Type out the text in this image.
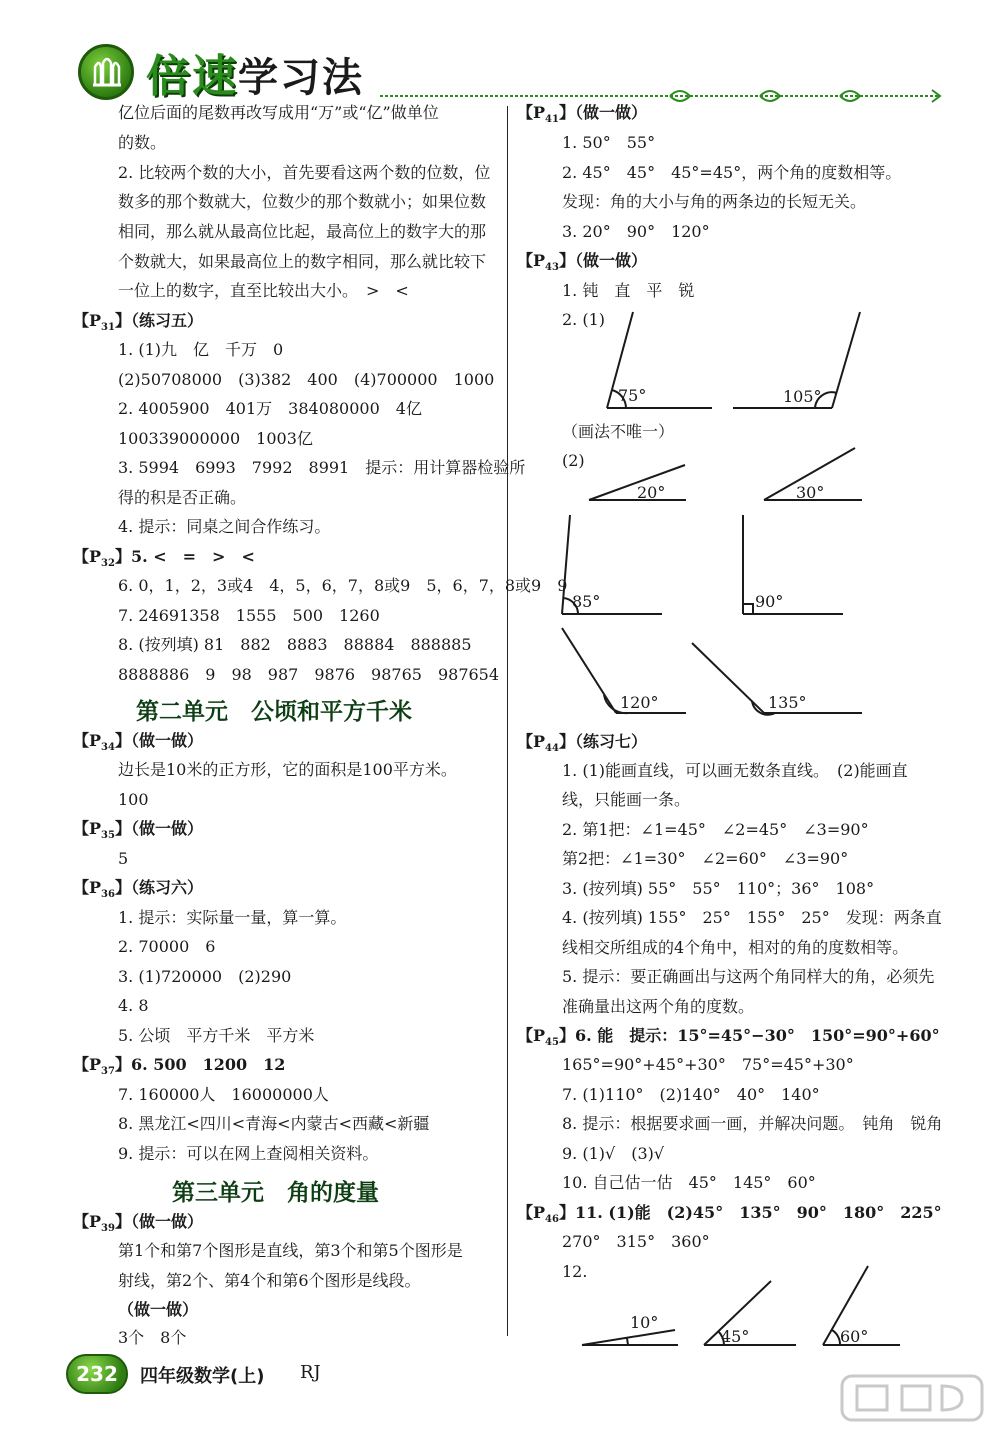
倍速学习法
亿位后面的尾数再改写成用“万”或“亿”做单位
的数。
2. 比较两个数的大小，首先要看这两个数的位数，位
数多的那个数就大，位数少的那个数就小；如果位数
相同，那么就从最高位比起，最高位上的数字大的那
个数就大，如果最高位上的数字相同，那么就比较下
一位上的数字，直至比较出大小。　>　<
【$P_{31}$】（练习五）
1. (1)九　亿　千万　0
(2)50708000　(3)382　400　(4)700000　1000
2. 4005900　401万　384080000　4亿
100339000000　1003亿
3. 5994　6993　7992　8991　提示：用计算器检验所
得的积是否正确。
4. 提示：同桌之间合作练习。
【$P_{32}$】5. <　=　>　<
6. 0，1，2，3或4　4，5，6，7，8或9　5，6，7，8或9　9
7. 24691358　1555　500　1260
8. (按列填) 81　882　8883　88884　888885
8888886　9　98　987　9876　98765　987654
第二单元　公顷和平方千米
【$P_{34}$】（做一做）
边长是10米的正方形，它的面积是100平方米。
100
【$P_{35}$】（做一做）
5
【$P_{36}$】（练习六）
1. 提示：实际量一量，算一算。
2. 70000　6
3. (1)720000　(2)290
4. 8
5. 公顷　平方千米　平方米
【$P_{37}$】6. 500　1200　12
7. 160000人　16000000人
8. 黑龙江<四川<青海<内蒙古<西藏<新疆
9. 提示：可以在网上查阅相关资料。
第三单元　角的度量
【$P_{39}$】（做一做）
第1个和第7个图形是直线，第3个和第5个图形是
射线，第2个、第4个和第6个图形是线段。
（做一做）
3个　8个
【$P_{41}$】（做一做）
1. 50°　55°
2. 45°　45°　45°=45°，两个角的度数相等。
发现：角的大小与角的两条边的长短无关。
3. 20°　90°　120°
【$P_{43}$】（做一做）
1. 钝　直　平　锐
2. (1)
（画法不唯一）
(2)
【$P_{44}$】（练习七）
1. (1)能画直线，可以画无数条直线。　(2)能画直
线，只能画一条。
2. 第1把：∠1=45°　∠2=45°　∠3=90°
第2把：∠1=30°　∠2=60°　∠3=90°
3. (按列填) 55°　55°　110°；36°　108°
4. (按列填) 155°　25°　155°　25°　发现：两条直
线相交所组成的4个角中，相对的角的度数相等。
5. 提示：要正确画出与这两个角同样大的角，必须先
准确量出这两个角的度数。
【$P_{45}$】6. 能　提示：15°=45°−30°　150°=90°+60°
165°=90°+45°+30°　75°=45°+30°
7. (1)110°　(2)140°　40°　140°
8. 提示：根据要求画一画，并解决问题。　钝角　锐角
9. (1)√　(3)√
10. 自己估一估　45°　145°　60°
【$P_{46}$】11. (1)能　(2)45°　135°　90°　180°　225°
270°　315°　360°
12.
75°	105°
20°	30°
85°	90°
120°	135°
10°
45°	60°
232	四年级数学(上) RJ
